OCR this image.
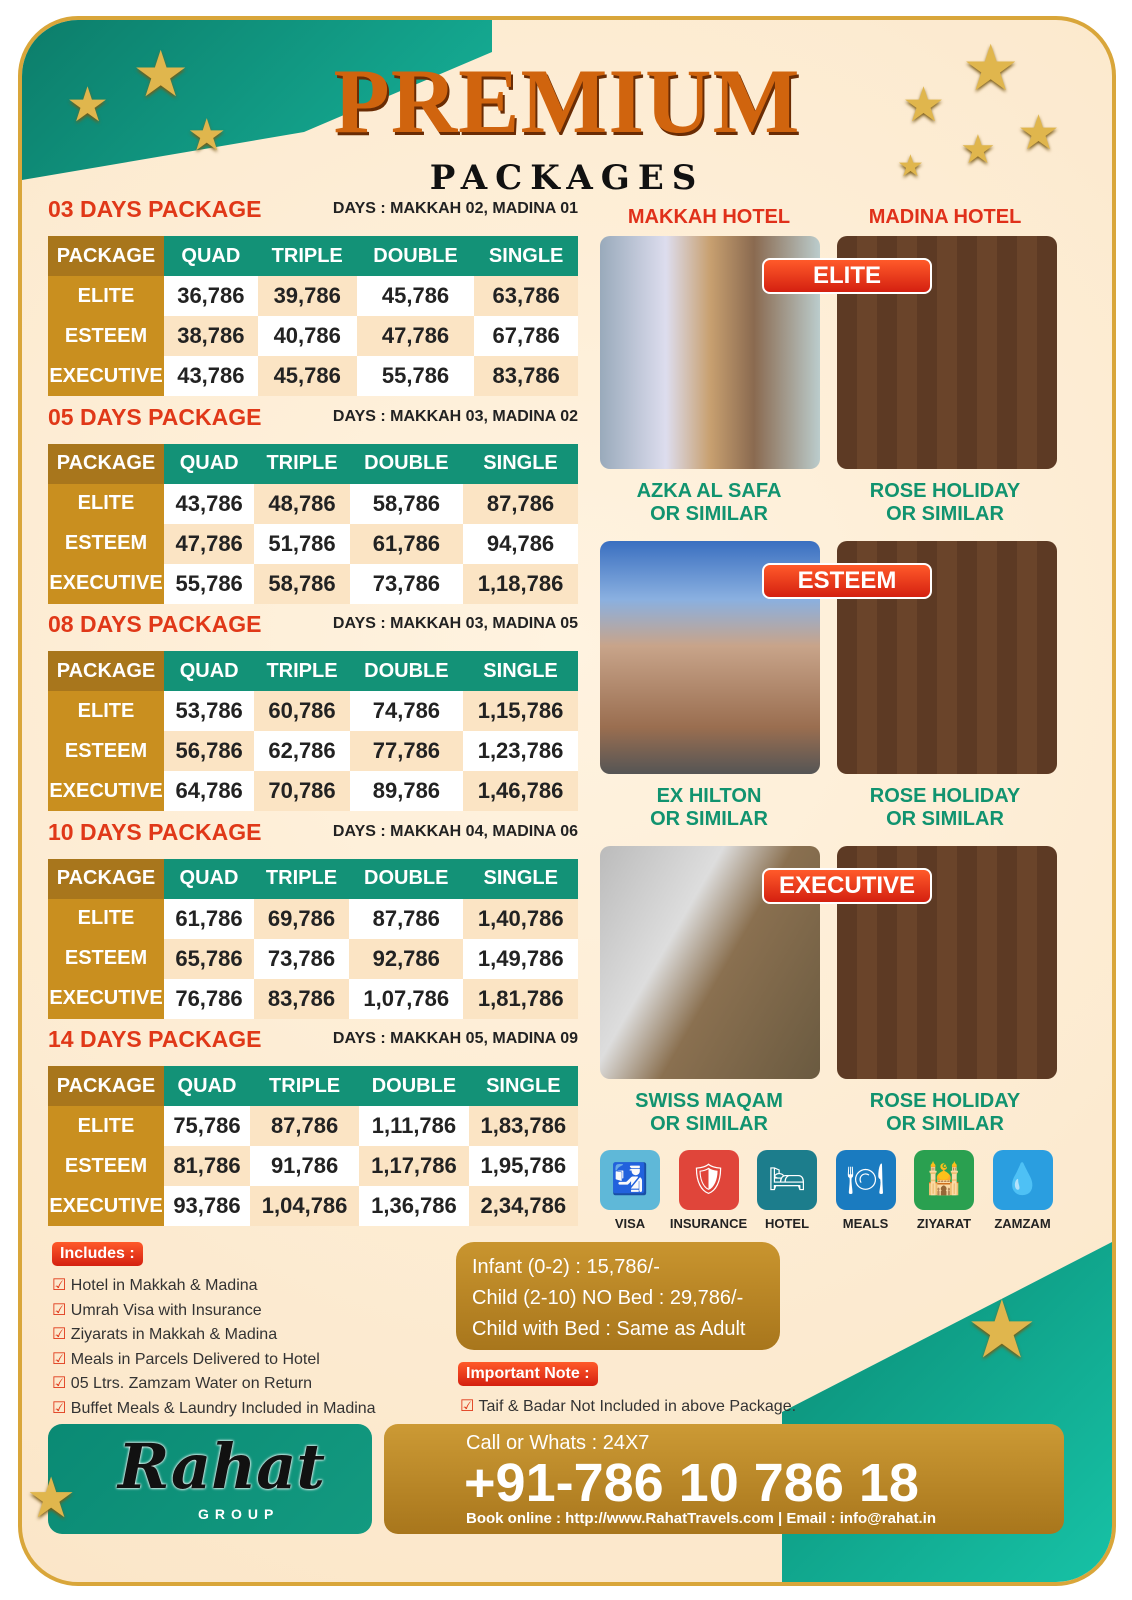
PREMIUM
PACKAGES
03 DAYS PACKAGE	DAYS : MAKKAH 02, MADINA 01
PACKAGE	QUAD	TRIPLE	DOUBLE	SINGLE
ELITE	36,786	39,786	45,786	63,786
ESTEEM	38,786	40,786	47,786	67,786
EXECUTIVE	43,786	45,786	55,786	83,786
05 DAYS PACKAGE	DAYS : MAKKAH 03, MADINA 02
PACKAGE	QUAD	TRIPLE	DOUBLE	SINGLE
ELITE	43,786	48,786	58,786	87,786
ESTEEM	47,786	51,786	61,786	94,786
EXECUTIVE	55,786	58,786	73,786	1,18,786
08 DAYS PACKAGE	DAYS : MAKKAH 03, MADINA 05
PACKAGE	QUAD	TRIPLE	DOUBLE	SINGLE
ELITE	53,786	60,786	74,786	1,15,786
ESTEEM	56,786	62,786	77,786	1,23,786
EXECUTIVE	64,786	70,786	89,786	1,46,786
10 DAYS PACKAGE	DAYS : MAKKAH 04, MADINA 06
PACKAGE	QUAD	TRIPLE	DOUBLE	SINGLE
ELITE	61,786	69,786	87,786	1,40,786
ESTEEM	65,786	73,786	92,786	1,49,786
EXECUTIVE	76,786	83,786	1,07,786	1,81,786
14 DAYS PACKAGE	DAYS : MAKKAH 05, MADINA 09
PACKAGE	QUAD	TRIPLE	DOUBLE	SINGLE
ELITE	75,786	87,786	1,11,786	1,83,786
ESTEEM	81,786	91,786	1,17,786	1,95,786
EXECUTIVE	93,786	1,04,786	1,36,786	2,34,786
MAKKAH HOTEL	MADINA HOTEL
ELITE
AZKA AL SAFA
OR SIMILAR
ROSE HOLIDAY
OR SIMILAR
ESTEEM
EX HILTON
OR SIMILAR
ROSE HOLIDAY
OR SIMILAR
EXECUTIVE
SWISS MAQAM
OR SIMILAR
ROSE HOLIDAY
OR SIMILAR
🛂
VISA
🛡
INSURANCE
🛏
HOTEL
🍽
MEALS
🕌
ZIYARAT
💧
ZAMZAM
Includes :
☑ Hotel in Makkah & Madina
☑ Umrah Visa with Insurance
☑ Ziyarats in Makkah & Madina
☑ Meals in Parcels Delivered to Hotel
☑ 05 Ltrs. Zamzam Water on Return
☑ Buffet Meals & Laundry Included in Madina
Infant (0-2) : 15,786/-
Child (2-10) NO Bed : 29,786/-
Child with Bed : Same as Adult
Important Note :
☑ Taif & Badar Not Included in above Package.
Rahat
GROUP
Call or Whats : 24X7
+91-786 10 786 18
Book online : http://www.RahatTravels.com | Email : info@rahat.in
★
★
★
★
★
★
★
★
★
★
